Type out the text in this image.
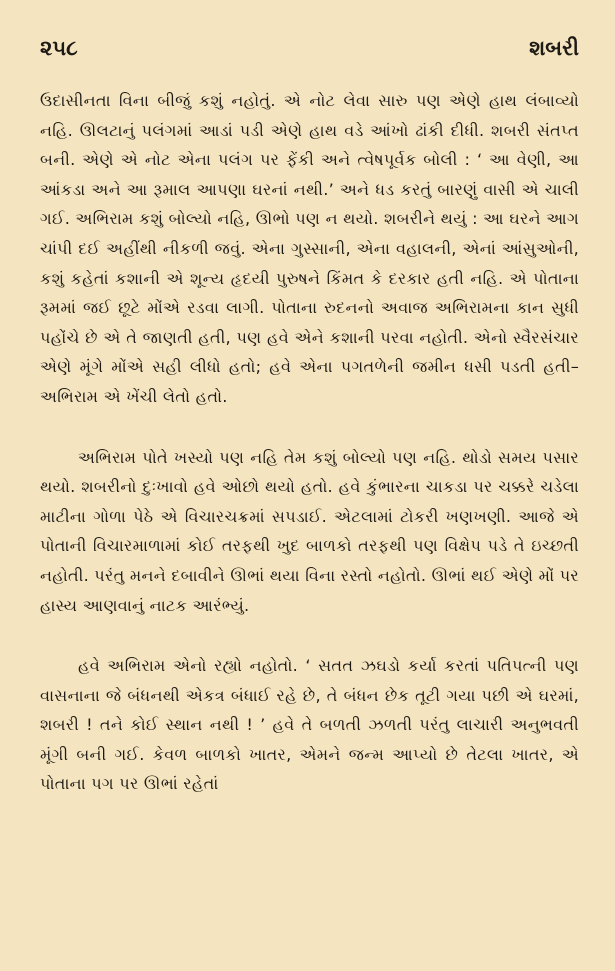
૨૫૮	શબરી

ઉદાસીનતા વિના બીજું કશું નહોતું. એ નોટ લેવા સારુ પણ એણે હાથ લંબાવ્યો નહિ. ઊલટાનું પલંગમાં આડાં પડી એણે હાથ વડે આંખો ઢાંકી દીધી. શબરી સંતપ્ત બની. એણે એ નોટ એના પલંગ પર ફેંકી અને ત્વેષપૂર્વક બોલી : ‘ આ વેણી, આ આંકડા અને આ રૂમાલ આપણા ઘરનાં નથી.’ અને ધડ કરતું બારણું વાસી એ ચાલી ગઈ. અભિરામ કશું બોલ્યો નહિ, ઊભો પણ ન થયો. શબરીને થયું : આ ઘરને આગ ચાંપી દઈ અહીંથી નીકળી જવું. એના ગુસ્સાની, એના વહાલની, એનાં આંસુઓની, કશું કહેતાં કશાની એ શૂન્ય હૃદયી પુરુષને કિંમત કે દરકાર હતી નહિ. એ પોતાના રૂમમાં જઈ છૂટે મોંએ રડવા લાગી. પોતાના રુદનનો અવાજ અભિરામના કાન સુધી પહોંચે છે એ તે જાણતી હતી, પણ હવે એને કશાની પરવા નહોતી. એનો સ્વૈરસંચાર એણે મૂંગે મોંએ સહી લીધો હતો; હવે એના પગતળેની જમીન ધસી પડતી હતી–અભિરામ એ ખેંચી લેતો હતો.

અભિરામ પોતે ખસ્યો પણ નહિ તેમ કશું બોલ્યો પણ નહિ. થોડો સમય પસાર થયો. શબરીનો દુઃખાવો હવે ઓછો થયો હતો. હવે કુંભારના ચાકડા પર ચક્કરે ચડેલા માટીના ગોળા પેઠે એ વિચારચક્રમાં સપડાઈ. એટલામાં ટોકરી ખણખણી. આજે એ પોતાની વિચારમાળામાં કોઈ તરફથી ખુદ બાળકો તરફથી પણ વિક્ષેપ પડે તે ઇચ્છતી નહોતી. પરંતુ મનને દબાવીને ઊભાં થયા વિના રસ્તો નહોતો. ઊભાં થઈ એણે મોં પર હાસ્ય આણવાનું નાટક આરંભ્યું.

હવે અભિરામ એનો રહ્યો નહોતો. ‘ સતત ઝઘડો કર્યા કરતાં પતિપત્ની પણ વાસનાના જે બંધનથી એકત્ર બંધાઈ રહે છે, તે બંધન છેક તૂટી ગયા પછી એ ઘરમાં, શબરી ! તને કોઈ સ્થાન નથી ! ’ હવે તે બળતી ઝળતી પરંતુ લાચારી અનુભવતી મૂંગી બની ગઈ. કેવળ બાળકો ખાતર, એમને જન્મ આપ્યો છે તેટલા ખાતર, એ પોતાના પગ પર ઊભાં રહેતાં
